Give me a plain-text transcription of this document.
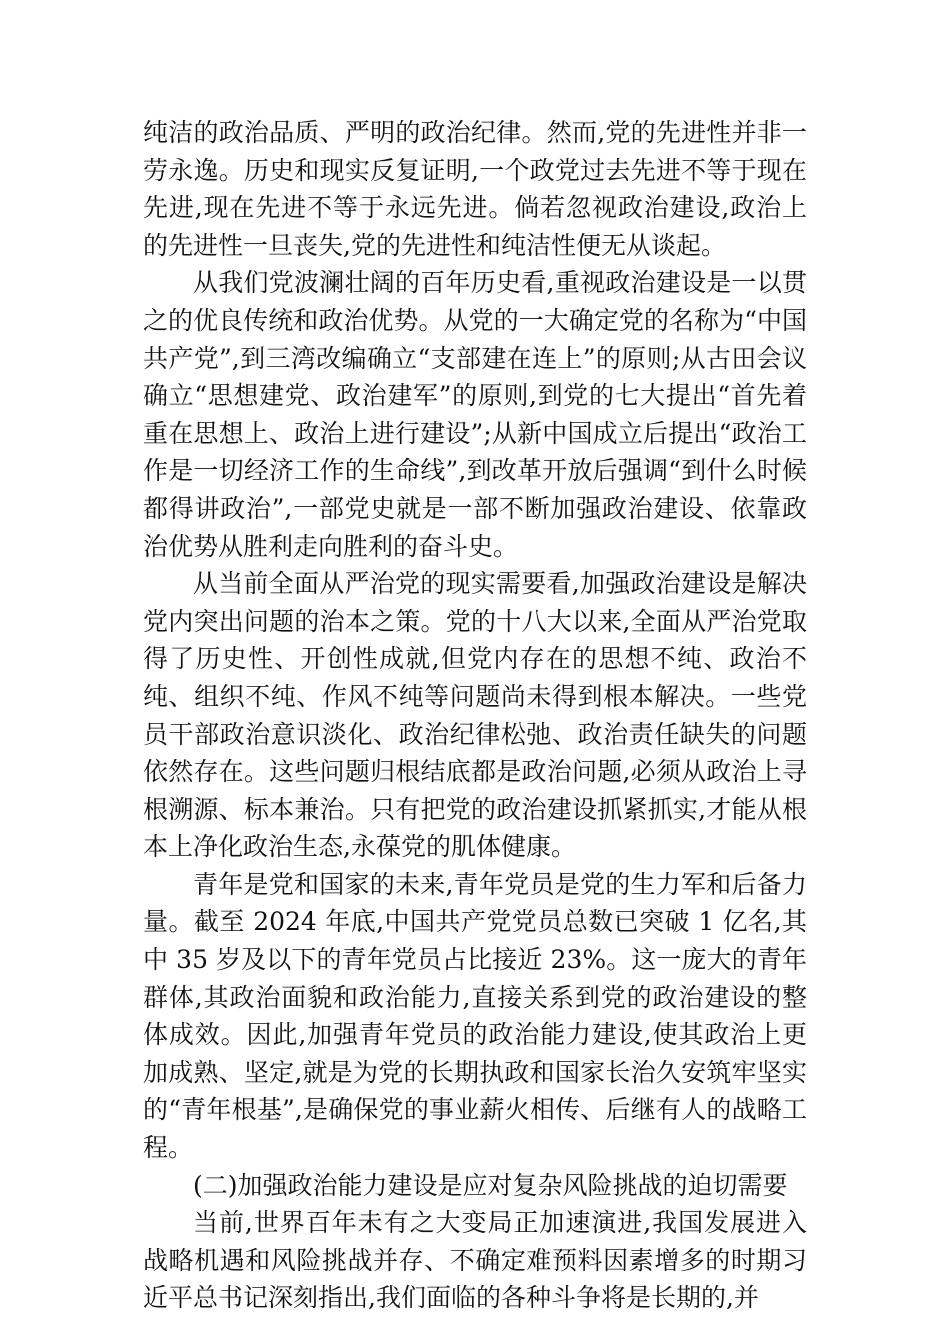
纯洁的政治品质、严明的政治纪律。然而,党的先进性并非一劳永逸。历史和现实反复证明,一个政党过去先进不等于现在先进,现在先进不等于永远先进。倘若忽视政治建设,政治上的先进性一旦丧失,党的先进性和纯洁性便无从谈起。

从我们党波澜壮阔的百年历史看,重视政治建设是一以贯之的优良传统和政治优势。从党的一大确定党的名称为“中国共产党”,到三湾改编确立“支部建在连上”的原则;从古田会议确立“思想建党、政治建军”的原则,到党的七大提出“首先着重在思想上、政治上进行建设”;从新中国成立后提出“政治工作是一切经济工作的生命线”,到改革开放后强调“到什么时候都得讲政治”,一部党史就是一部不断加强政治建设、依靠政治优势从胜利走向胜利的奋斗史。

从当前全面从严治党的现实需要看,加强政治建设是解决党内突出问题的治本之策。党的十八大以来,全面从严治党取得了历史性、开创性成就,但党内存在的思想不纯、政治不纯、组织不纯、作风不纯等问题尚未得到根本解决。一些党员干部政治意识淡化、政治纪律松弛、政治责任缺失的问题依然存在。这些问题归根结底都是政治问题,必须从政治上寻根溯源、标本兼治。只有把党的政治建设抓紧抓实,才能从根本上净化政治生态,永葆党的肌体健康。

青年是党和国家的未来,青年党员是党的生力军和后备力量。截至 2024 年底,中国共产党党员总数已突破 1 亿名,其中 35 岁及以下的青年党员占比接近 23%。这一庞大的青年群体,其政治面貌和政治能力,直接关系到党的政治建设的整体成效。因此,加强青年党员的政治能力建设,使其政治上更加成熟、坚定,就是为党的长期执政和国家长治久安筑牢坚实的“青年根基”,是确保党的事业薪火相传、后继有人的战略工程。

(二)加强政治能力建设是应对复杂风险挑战的迫切需要

当前,世界百年未有之大变局正加速演进,我国发展进入战略机遇和风险挑战并存、不确定难预料因素增多的时期习近平总书记深刻指出,我们面临的各种斗争将是长期的,并
